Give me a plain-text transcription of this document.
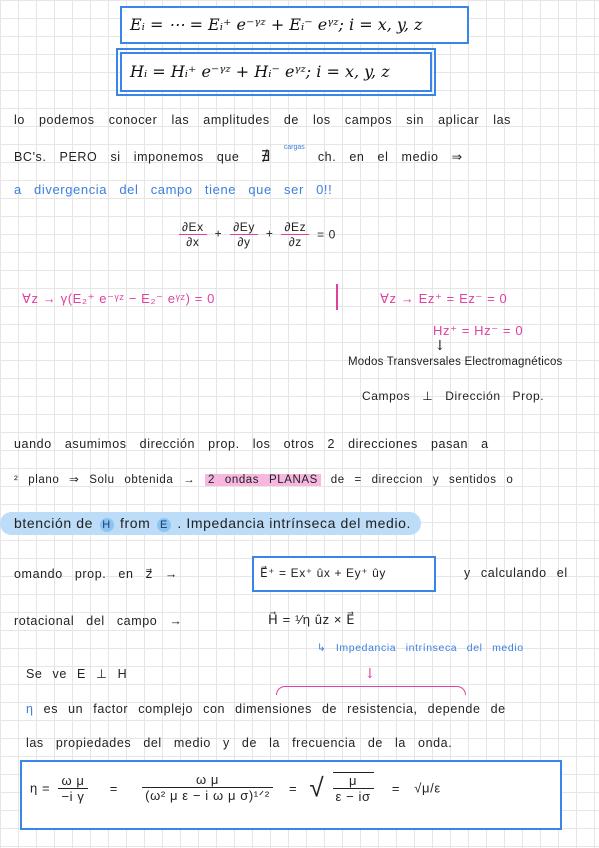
Eᵢ = ⋯ = Eᵢ⁺ e⁻ᵞᶻ + Eᵢ⁻ eᵞᶻ; i = x, y, z
Hᵢ = Hᵢ⁺ e⁻ᵞᶻ + Hᵢ⁻ eᵞᶻ; i = x, y, z
lo podemos conocer las amplitudes de los campos sin aplicar las
BC's. PERO si imponemos que ∄ $^{cargas}$ ch. en el medio ⇒
a divergencia del campo tiene que ser 0!!
$\frac{\partial Ex}{\partial x} + \frac{\partial Ey}{\partial y} + \frac{\partial Ez}{\partial z} = 0$
∀z → γ(E₂⁺ e⁻ᵞᶻ − E₂⁻ eᵞᶻ) = 0	∀z → Ez⁺ = Ez⁻ = 0
Hz⁺ = Hz⁻ = 0
↓
Modos Transversales Electromagnéticos
Campos ⊥ Dirección Prop.
uando asumimos dirección prop. los otros 2 direcciones pasan a
² plano ⇒ Solu obtenida → 2 ondas PLANAS de = direccion y sentidos o
btención de H from E . Impedancia intrínseca del medio.
omando prop. en z⃗ →	E⃗⁺ = Ex⁺ ûx + Ey⁺ ûy	y calculando el
rotacional del campo →	H⃗ = ¹⁄η ûz × E⃗
↳ Impedancia intrínseca del medio
Se ve E ⊥ H	↓
η es un factor complejo con dimensiones de resistencia, depende de
las propiedades del medio y de la frecuencia de la onda.
$\eta = \frac{\text{ω μ}}{\text{−i γ}} = \frac{\text{ω μ}}{\text{(ω² μ ε − i ω μ σ)¹ᐟ²}}$ = √ $\frac{\mu}{\varepsilon - i\sigma} = √\mu/\varepsilon$
